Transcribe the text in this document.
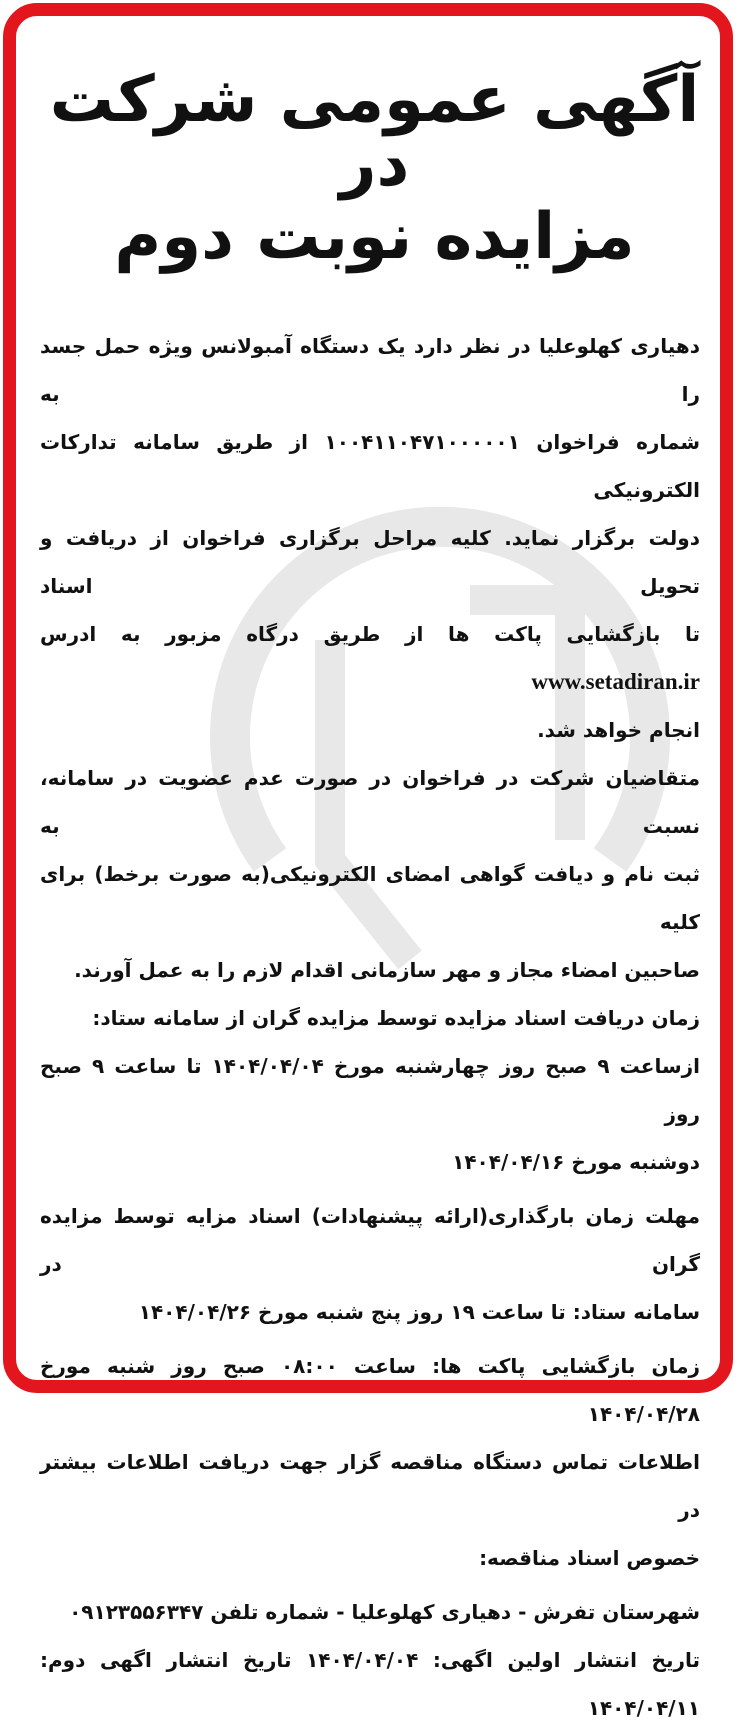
آگهی عمومی شرکت در
مزایده نوبت دوم
دهیاری کهلوعلیا در نظر دارد یک دستگاه آمبولانس ویژه حمل جسد را به
شماره فراخوان ۱۰۰۴۱۱۰۴۷۱۰۰۰۰۰۱ از طریق سامانه تدارکات الکترونیکی
دولت برگزار نماید. کلیه مراحل برگزاری فراخوان از دریافت و تحویل اسناد
تا بازگشایی پاکت ها از طریق درگاه مزبور به ادرس www.setadiran.ir
انجام خواهد شد.
متقاضیان شرکت در فراخوان در صورت عدم عضویت در سامانه، نسبت به
ثبت نام و دیافت گواهی امضای الکترونیکی(به صورت برخط) برای کلیه
صاحبین امضاء مجاز و مهر سازمانی اقدام لازم را به عمل آورند.
زمان دریافت اسناد مزایده توسط مزایده گران از سامانه ستاد:
ازساعت ۹ صبح روز چهارشنبه مورخ ۱۴۰۴/۰۴/۰۴ تا ساعت ۹ صبح روز
دوشنبه مورخ ۱۴۰۴/۰۴/۱۶
مهلت زمان بارگذاری(ارائه پیشنهادات) اسناد مزایه توسط مزایده گران در
سامانه ستاد: تا ساعت ۱۹ روز پنج شنبه مورخ ۱۴۰۴/۰۴/۲۶
زمان بازگشایی پاکت ها: ساعت ۰۸:۰۰ صبح روز شنبه مورخ ۱۴۰۴/۰۴/۲۸
اطلاعات تماس دستگاه مناقصه گزار جهت دریافت اطلاعات بیشتر در
خصوص اسناد مناقصه:
شهرستان تفرش - دهیاری کهلوعلیا - شماره تلفن ۰۹۱۲۳۵۵۶۳۴۷
تاریخ انتشار اولین اگهی: ۱۴۰۴/۰۴/۰۴ تاریخ انتشار اگهی دوم: ۱۴۰۴/۰۴/۱۱
